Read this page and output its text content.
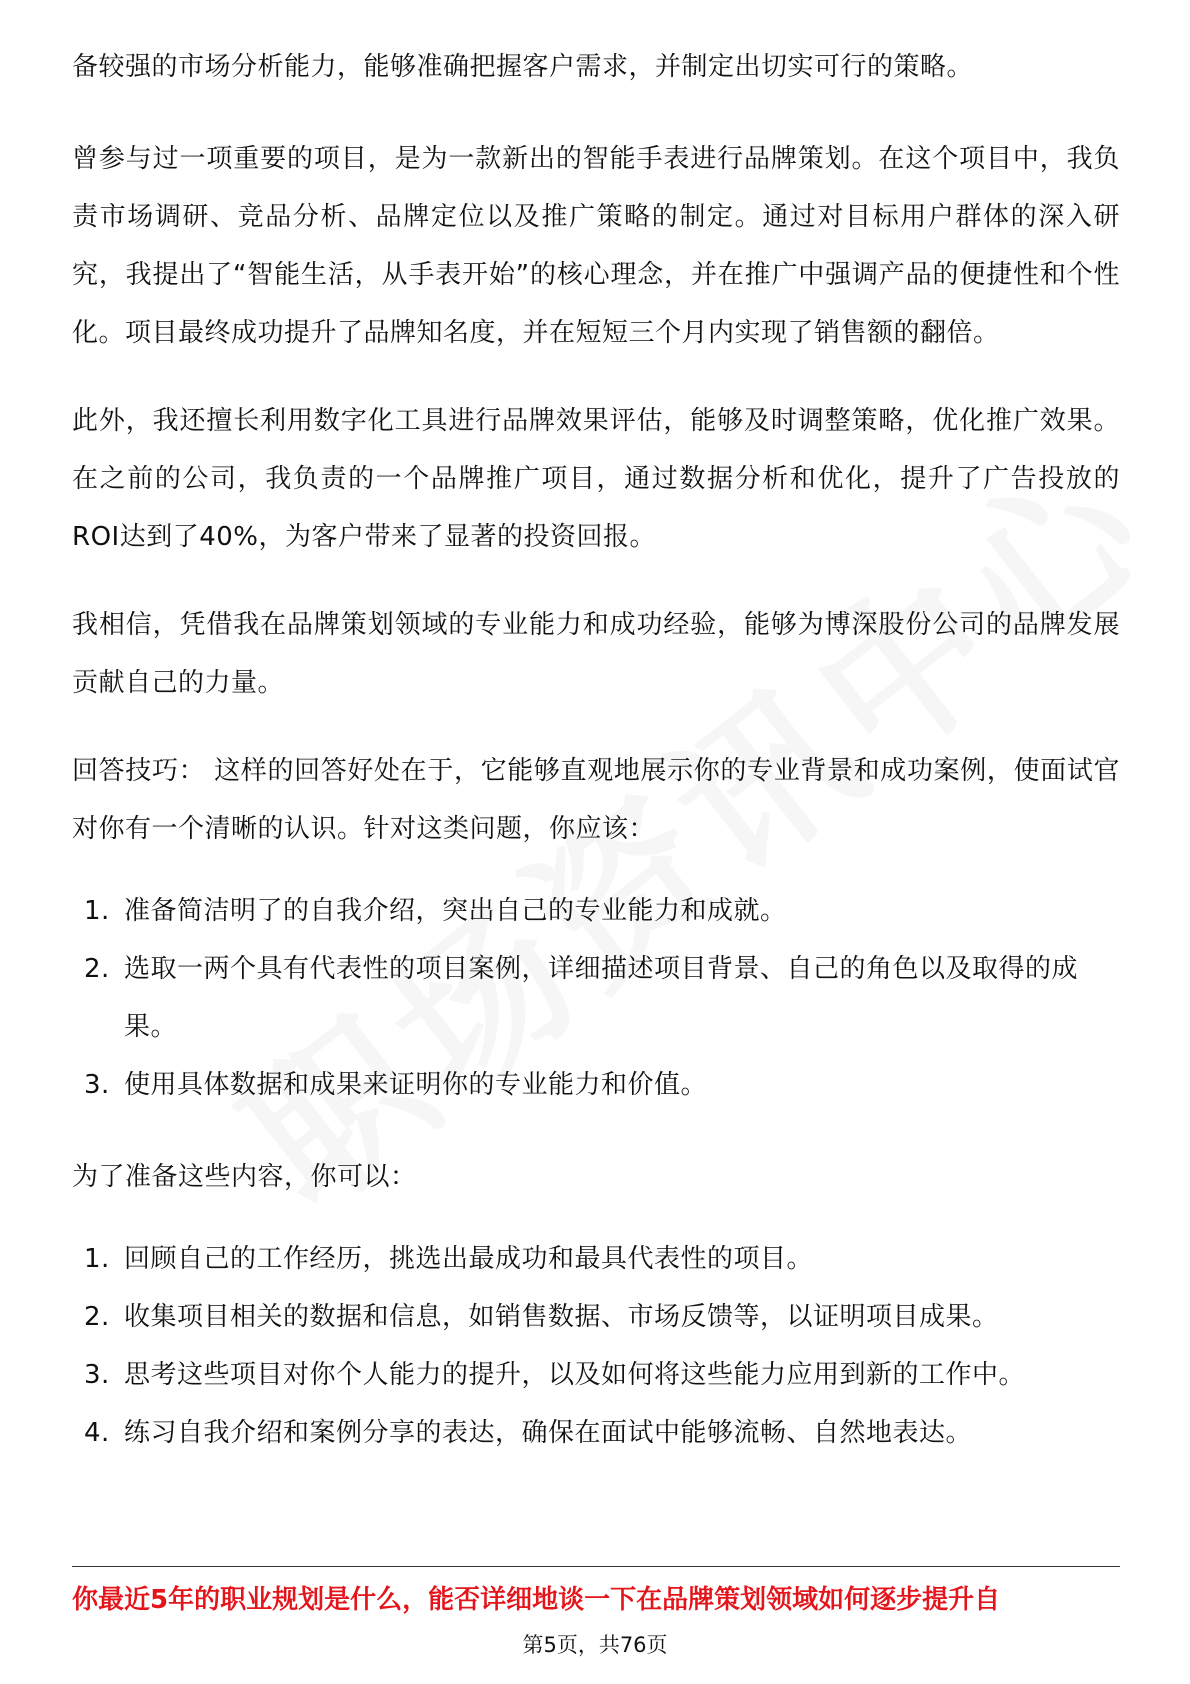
备较强的市场分析能力，能够准确把握客户需求，并制定出切实可行的策略。

曾参与过一项重要的项目，是为一款新出的智能手表进行品牌策划。在这个项目中，我负责市场调研、竞品分析、品牌定位以及推广策略的制定。通过对目标用户群体的深入研究，我提出了“智能生活，从手表开始”的核心理念，并在推广中强调产品的便捷性和个性化。项目最终成功提升了品牌知名度，并在短短三个月内实现了销售额的翻倍。

此外，我还擅长利用数字化工具进行品牌效果评估，能够及时调整策略，优化推广效果。在之前的公司，我负责的一个品牌推广项目，通过数据分析和优化，提升了广告投放的ROI达到了40%，为客户带来了显著的投资回报。

我相信，凭借我在品牌策划领域的专业能力和成功经验，能够为博深股份公司的品牌发展贡献自己的力量。

回答技巧： 这样的回答好处在于，它能够直观地展示你的专业背景和成功案例，使面试官对你有一个清晰的认识。针对这类问题，你应该：

1. 准备简洁明了的自我介绍，突出自己的专业能力和成就。
2. 选取一两个具有代表性的项目案例，详细描述项目背景、自己的角色以及取得的成果。
3. 使用具体数据和成果来证明你的专业能力和价值。

为了准备这些内容，你可以：

1. 回顾自己的工作经历，挑选出最成功和最具代表性的项目。
2. 收集项目相关的数据和信息，如销售数据、市场反馈等，以证明项目成果。
3. 思考这些项目对你个人能力的提升，以及如何将这些能力应用到新的工作中。
4. 练习自我介绍和案例分享的表达，确保在面试中能够流畅、自然地表达。
你最近5年的职业规划是什么，能否详细地谈一下在品牌策划领域如何逐步提升自
第5页，共76页
